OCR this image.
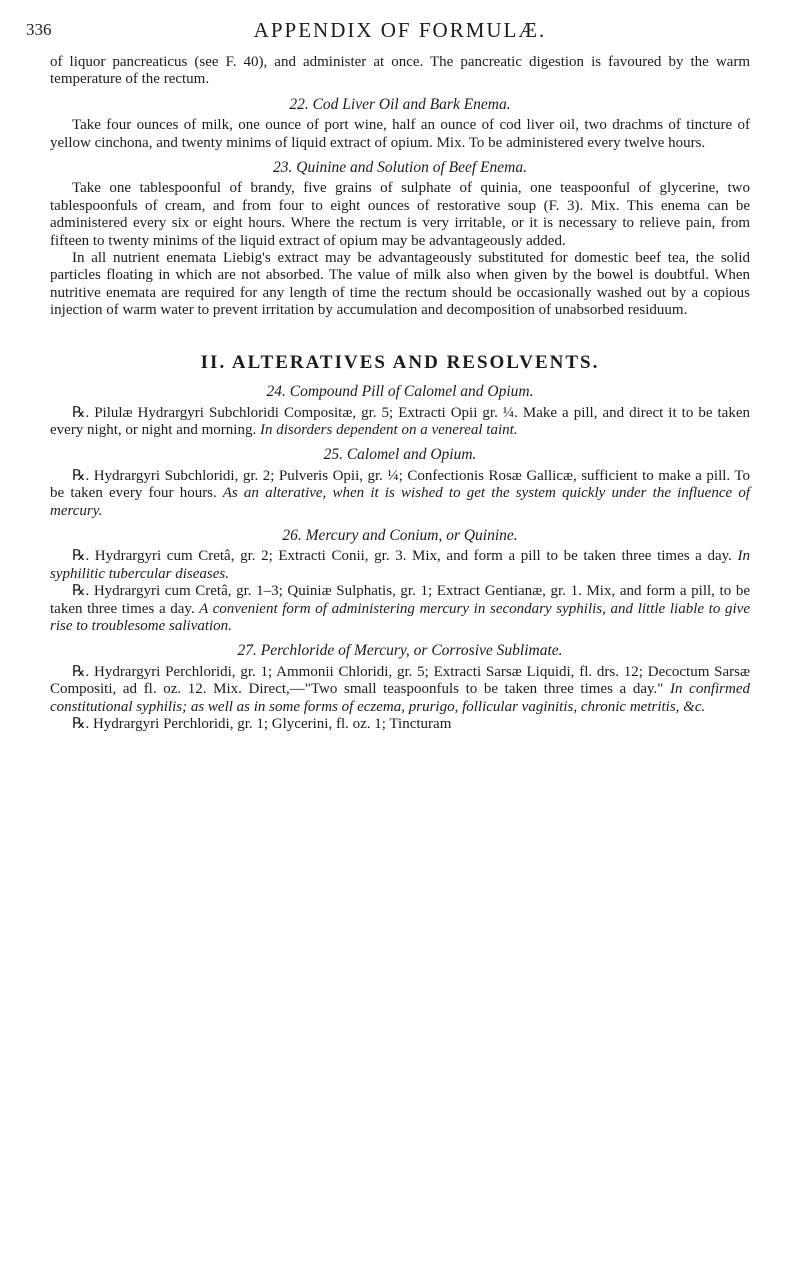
336	APPENDIX OF FORMULÆ.

of liquor pancreaticus (see F. 40), and administer at once. The pancreatic digestion is favoured by the warm temperature of the rectum.

22. Cod Liver Oil and Bark Enema.

Take four ounces of milk, one ounce of port wine, half an ounce of cod liver oil, two drachms of tincture of yellow cinchona, and twenty minims of liquid extract of opium. Mix. To be administered every twelve hours.

23. Quinine and Solution of Beef Enema.

Take one tablespoonful of brandy, five grains of sulphate of quinia, one teaspoonful of glycerine, two tablespoonfuls of cream, and from four to eight ounces of restorative soup (F. 3). Mix. This enema can be administered every six or eight hours. Where the rectum is very irritable, or it is necessary to relieve pain, from fifteen to twenty minims of the liquid extract of opium may be advantageously added.

In all nutrient enemata Liebig's extract may be advantageously substituted for domestic beef tea, the solid particles floating in which are not absorbed. The value of milk also when given by the bowel is doubtful. When nutritive enemata are required for any length of time the rectum should be occasionally washed out by a copious injection of warm water to prevent irritation by accumulation and decomposition of unabsorbed residuum.

II. ALTERATIVES AND RESOLVENTS.
24. Compound Pill of Calomel and Opium.

℞. Pilulæ Hydrargyri Subchloridi Compositæ, gr. 5; Extracti Opii gr. ¼. Make a pill, and direct it to be taken every night, or night and morning. In disorders dependent on a venereal taint.

25. Calomel and Opium.

℞. Hydrargyri Subchloridi, gr. 2; Pulveris Opii, gr. ¼; Confectionis Rosæ Gallicæ, sufficient to make a pill. To be taken every four hours. As an alterative, when it is wished to get the system quickly under the influence of mercury.

26. Mercury and Conium, or Quinine.

℞. Hydrargyri cum Cretâ, gr. 2; Extracti Conii, gr. 3. Mix, and form a pill to be taken three times a day. In syphilitic tubercular diseases.

℞. Hydrargyri cum Cretâ, gr. 1–3; Quiniæ Sulphatis, gr. 1; Extract Gentianæ, gr. 1. Mix, and form a pill, to be taken three times a day. A convenient form of administering mercury in secondary syphilis, and little liable to give rise to troublesome salivation.

27. Perchloride of Mercury, or Corrosive Sublimate.

℞. Hydrargyri Perchloridi, gr. 1; Ammonii Chloridi, gr. 5; Extracti Sarsæ Liquidi, fl. drs. 12; Decoctum Sarsæ Compositi, ad fl. oz. 12. Mix. Direct,—"Two small teaspoonfuls to be taken three times a day." In confirmed constitutional syphilis; as well as in some forms of eczema, prurigo, follicular vaginitis, chronic metritis, &c.

℞. Hydrargyri Perchloridi, gr. 1; Glycerini, fl. oz. 1; Tincturam
